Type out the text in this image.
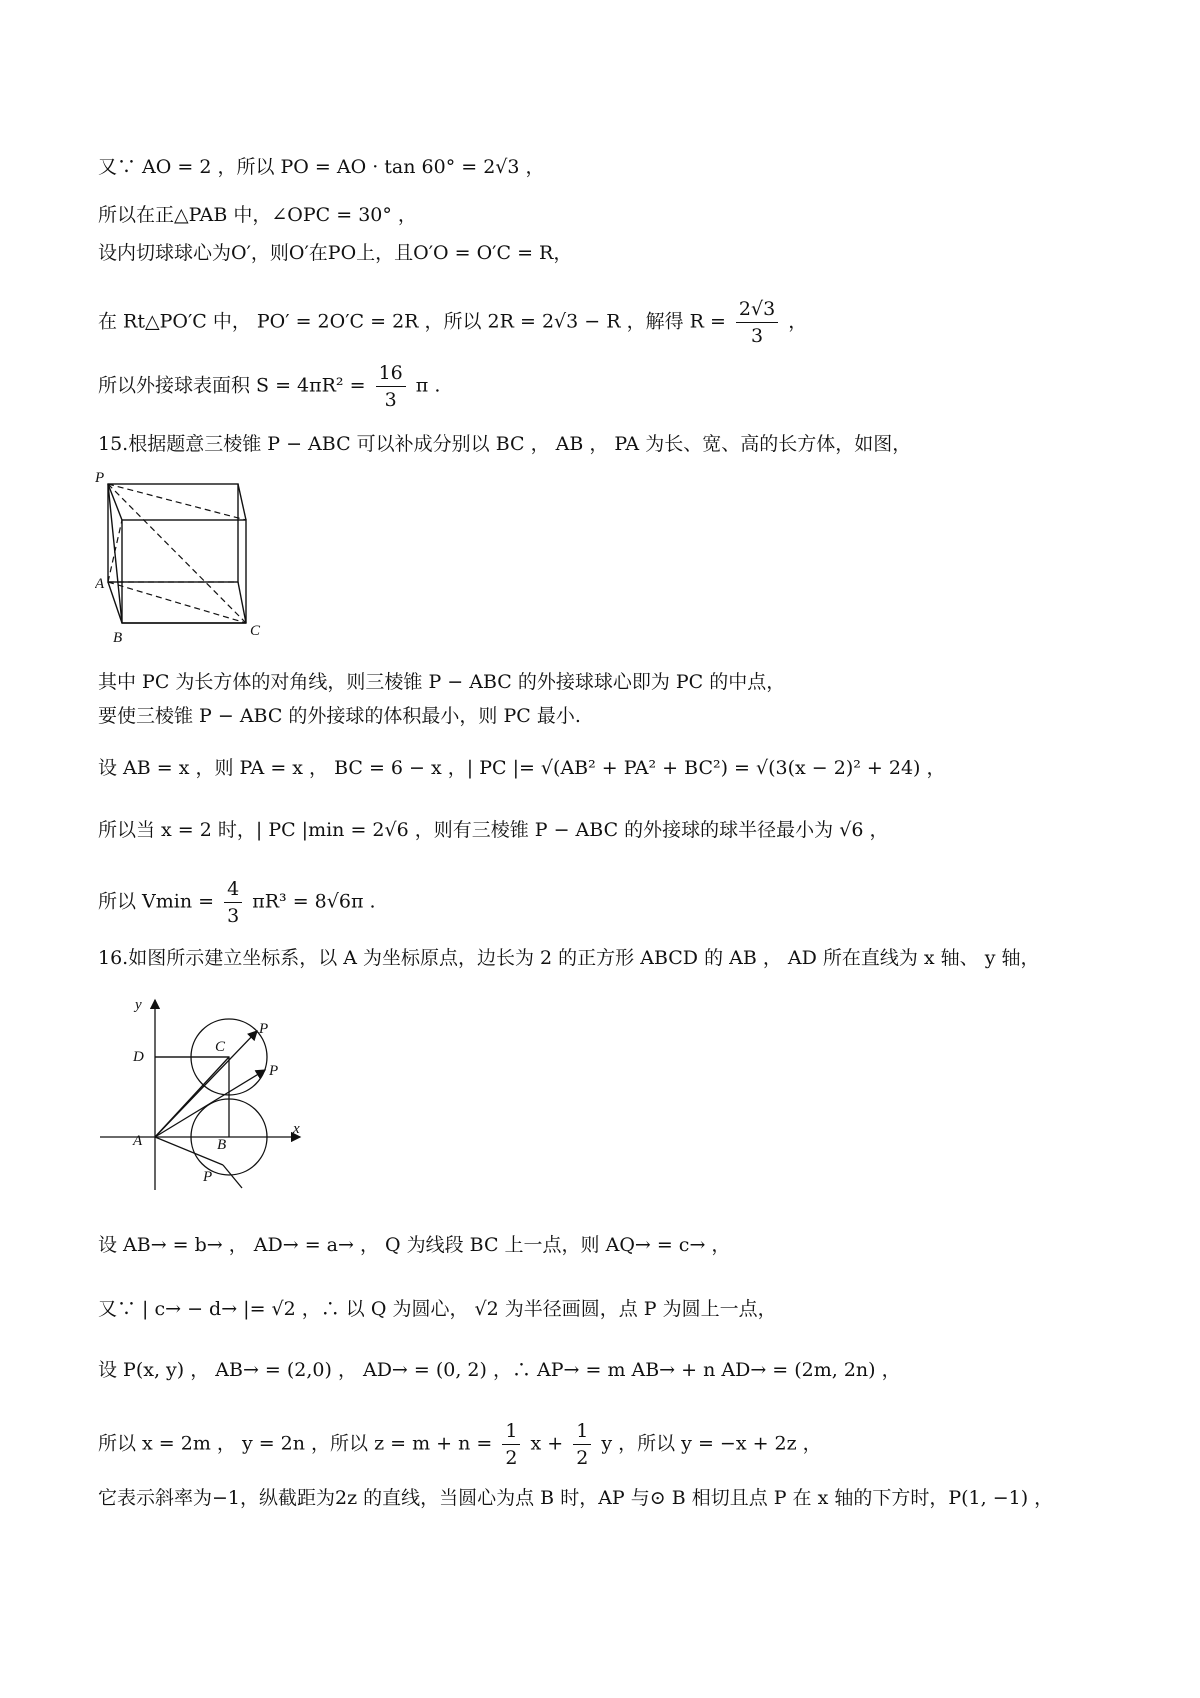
又∵ AO = 2 ，所以 PO = AO · tan 60° = 2√3 ，
所以在正△PAB 中，∠OPC = 30° ，
设内切球球心为O′，则O′在PO上，且O′O = O′C = R，
在 Rt△PO′C 中， PO′ = 2O′C = 2R ，所以 2R = 2√3 − R ，解得 $R = \frac{2√3}{3}$ ，
所以外接球表面积 $S = 4\pi R^2 = \frac{16}{3}$ π .
15.根据题意三棱锥 P − ABC 可以补成分别以 BC ， AB ， PA 为长、宽、高的长方体，如图，
P
A
B	C
其中 PC 为长方体的对角线，则三棱锥 P − ABC 的外接球球心即为 PC 的中点，
要使三棱锥 P − ABC 的外接球的体积最小，则 PC 最小.
设 AB = x ，则 PA = x ， BC = 6 − x ，| PC |= √(AB² + PA² + BC²) = √(3(x − 2)² + 24) ，
所以当 x = 2 时，| PC |min = 2√6 ，则有三棱锥 P − ABC 的外接球的球半径最小为 √6 ，
所以 $Vmin = \frac{4}{3} \pi R^3 = 8√6\pi$ .
16.如图所示建立坐标系，以 A 为坐标原点，边长为 2 的正方形 ABCD 的 AB ， AD 所在直线为 x 轴、 y 轴，
y
x
D
C
A	B
P
P
P
设 AB→ = b→ ， AD→ = a→ ， Q 为线段 BC 上一点，则 AQ→ = c→ ，
又∵ | c→ − d→ |= √2 ，∴ 以 Q 为圆心， √2 为半径画圆，点 P 为圆上一点，
设 P(x, y) ， AB→ = (2,0) ， AD→ = (0, 2) ，∴ AP→ = m AB→ + n AD→ = (2m, 2n) ，
所以 x = 2m ， y = 2n ，所以 $z = m + n = \frac{1}{2}$ $x + \frac{1}{2}$ y ，所以 y = −x + 2z ，
它表示斜率为−1，纵截距为2z 的直线，当圆心为点 B 时，AP 与⊙ B 相切且点 P 在 x 轴的下方时，P(1, −1) ，
